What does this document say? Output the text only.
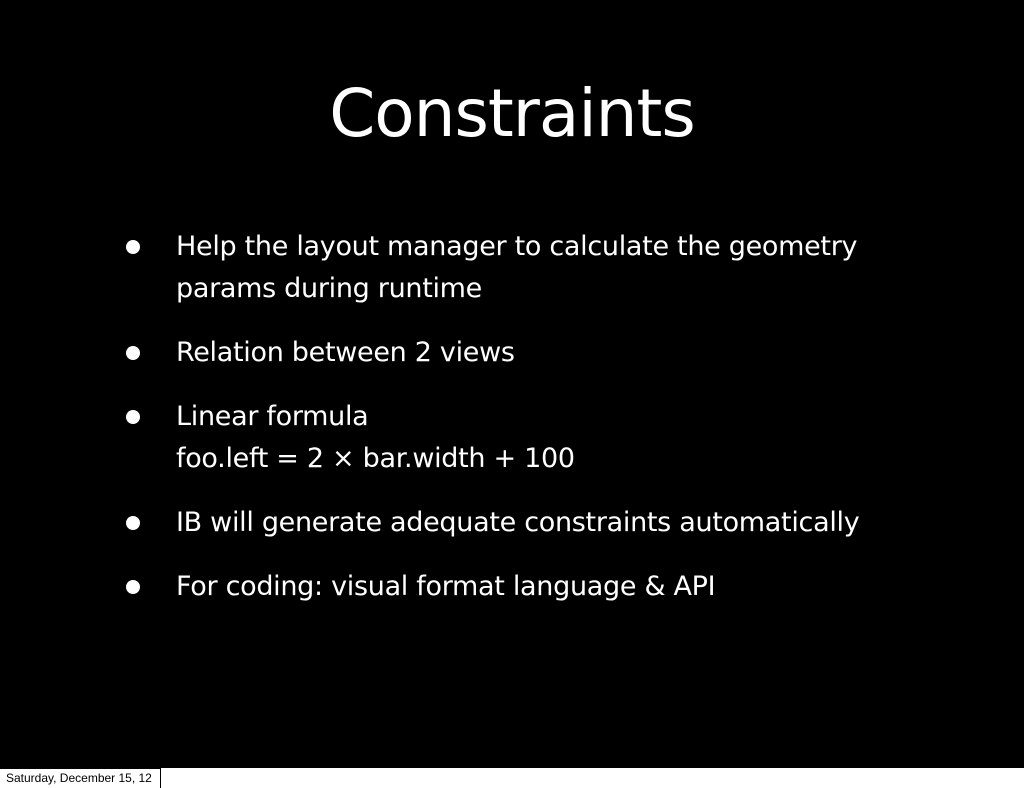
Constraints
Help the layout manager to calculate the geometry
params during runtime
Relation between 2 views
Linear formula
foo.left = 2 × bar.width + 100
IB will generate adequate constraints automatically
For coding: visual format language & API
Saturday, December 15, 12
